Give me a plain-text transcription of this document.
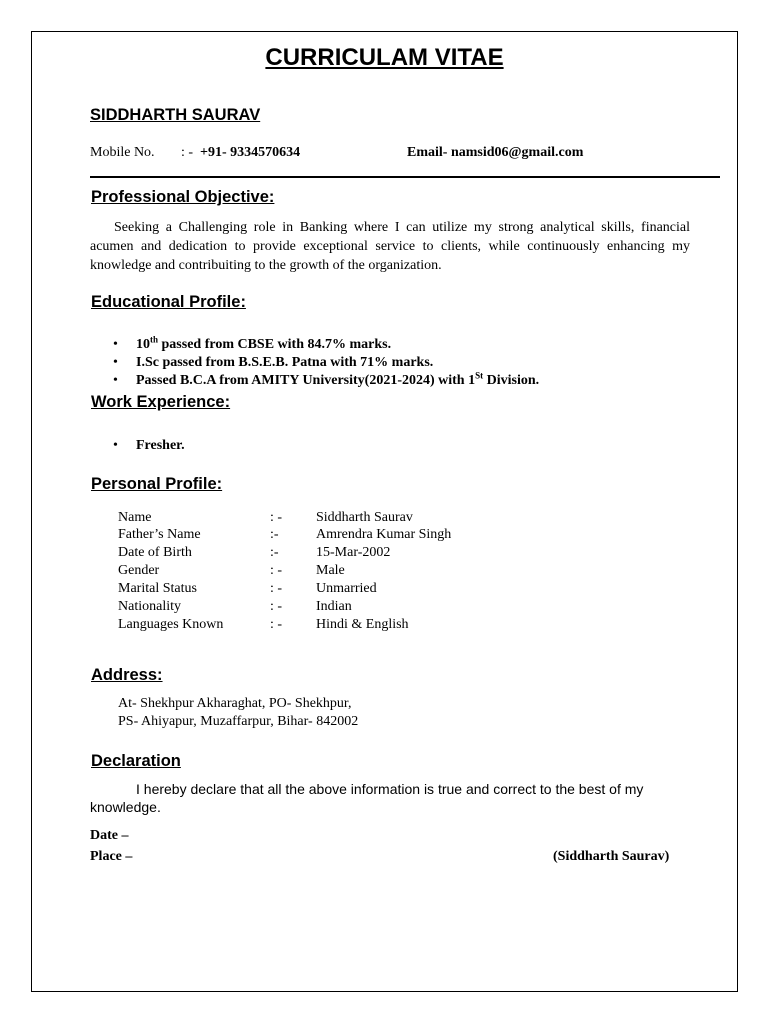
CURRICULAM VITAE
SIDDHARTH SAURAV
Mobile No. : - +91- 9334570634	Email- namsid06@gmail.com
Professional Objective:
Seeking a Challenging role in Banking where I can utilize my strong analytical skills, financial acumen and dedication to provide exceptional service to clients, while continuously enhancing my knowledge and contribuiting to the growth of the organization.
Educational Profile:
• 10th passed from CBSE with 84.7% marks.
• I.Sc passed from B.S.E.B. Patna with 71% marks.
• Passed B.C.A from AMITY University(2021-2024) with 1St Division.
Work Experience:
• Fresher.
Personal Profile:
Name	: - Siddharth Saurav
Father’s Name	:-	Amrendra Kumar Singh
Date of Birth	:-	15-Mar-2002
Gender	: - Male
Marital Status	: - Unmarried
Nationality	: - Indian
Languages Known	: - Hindi & English
Address:
At- Shekhpur Akharaghat, PO- Shekhpur,
PS- Ahiyapur, Muzaffarpur, Bihar- 842002
Declaration
I hereby declare that all the above information is true and correct to the best of my knowledge.
Date –
Place –	(Siddharth Saurav)
